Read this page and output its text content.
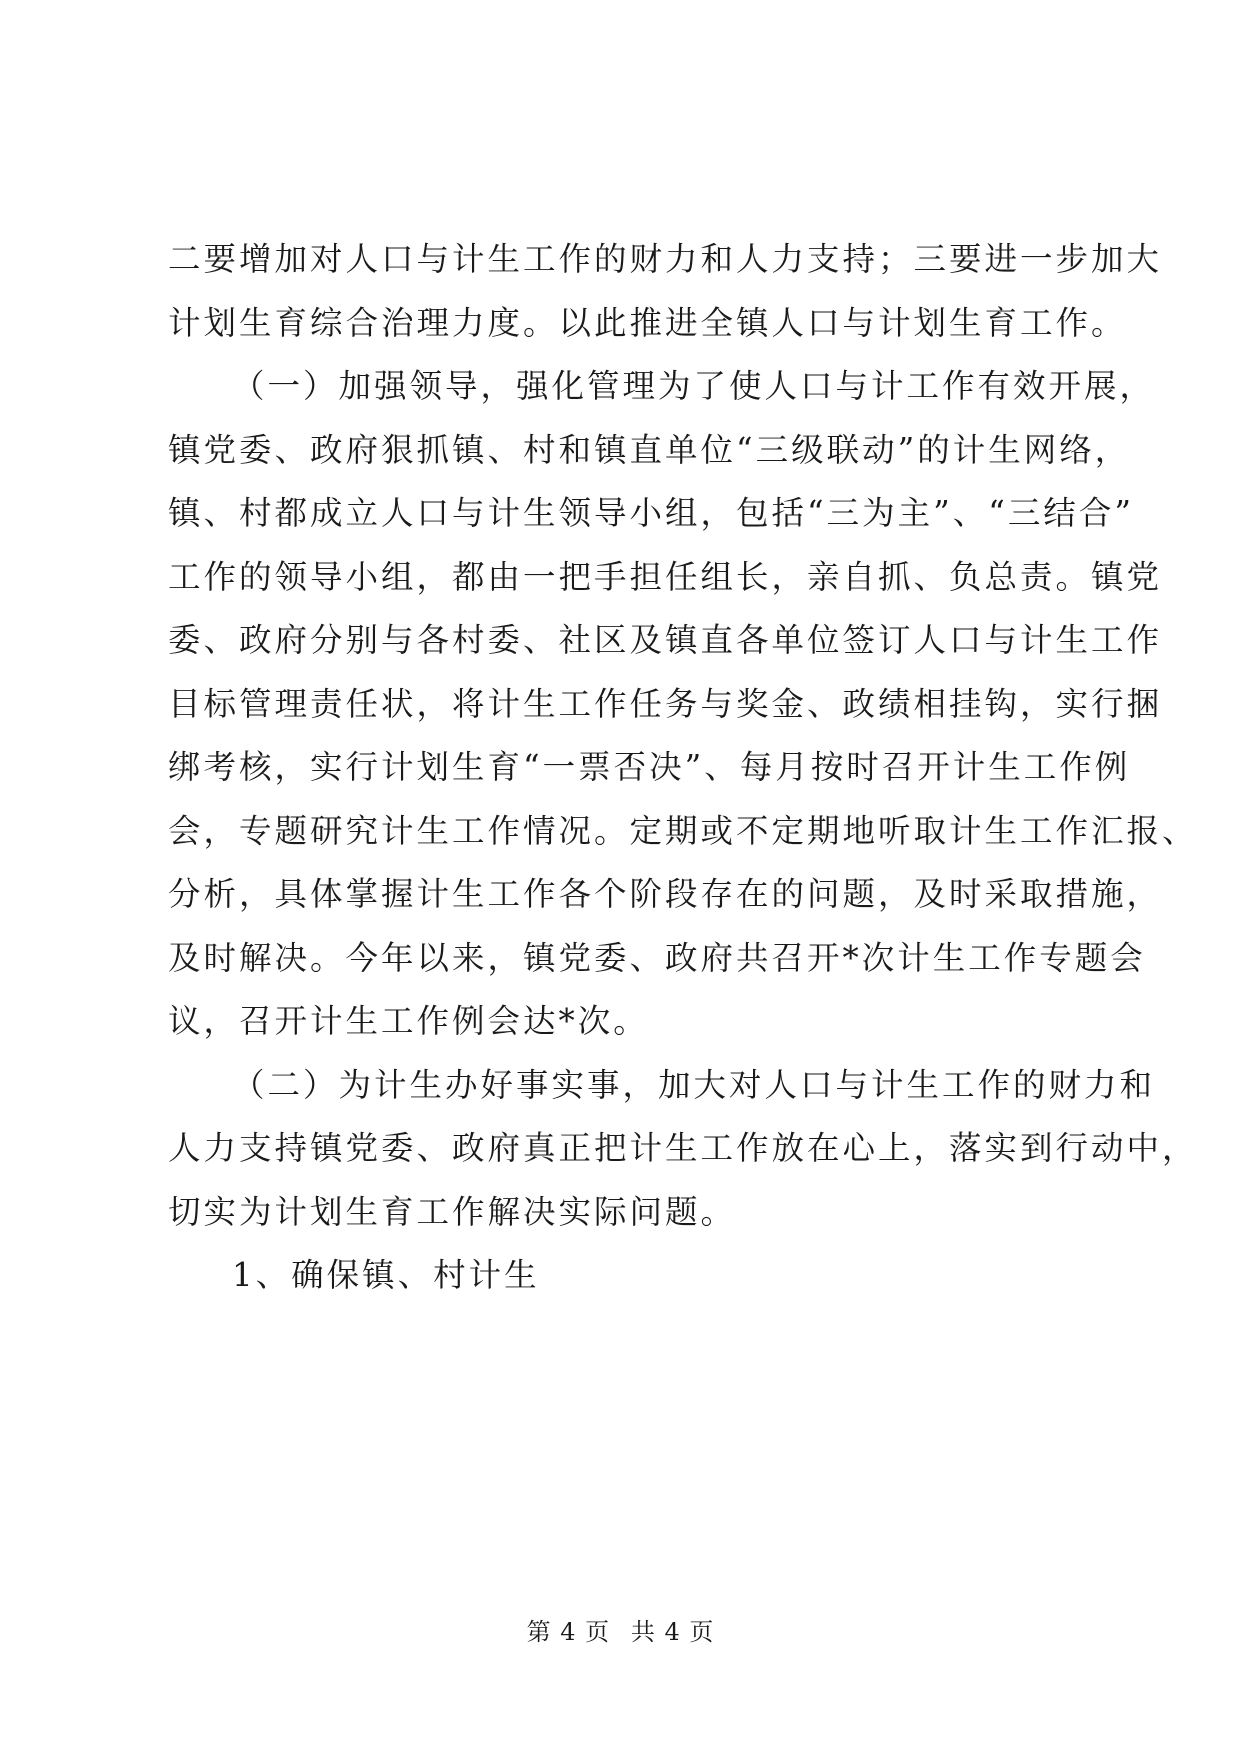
二要增加对人口与计生工作的财力和人力支持；三要进一步加大
计划生育综合治理力度。以此推进全镇人口与计划生育工作。
（一）加强领导，强化管理为了使人口与计工作有效开展，
镇党委、政府狠抓镇、村和镇直单位“三级联动”的计生网络，
镇、村都成立人口与计生领导小组，包括“三为主”、“三结合”
工作的领导小组，都由一把手担任组长，亲自抓、负总责。镇党
委、政府分别与各村委、社区及镇直各单位签订人口与计生工作
目标管理责任状，将计生工作任务与奖金、政绩相挂钩，实行捆
绑考核，实行计划生育“一票否决”、每月按时召开计生工作例
会，专题研究计生工作情况。定期或不定期地听取计生工作汇报、
分析，具体掌握计生工作各个阶段存在的问题，及时采取措施，
及时解决。今年以来，镇党委、政府共召开*次计生工作专题会
议，召开计生工作例会达*次。
（二）为计生办好事实事，加大对人口与计生工作的财力和
人力支持镇党委、政府真正把计生工作放在心上，落实到行动中，
切实为计划生育工作解决实际问题。
1、确保镇、村计生
第 4 页 共 4 页
